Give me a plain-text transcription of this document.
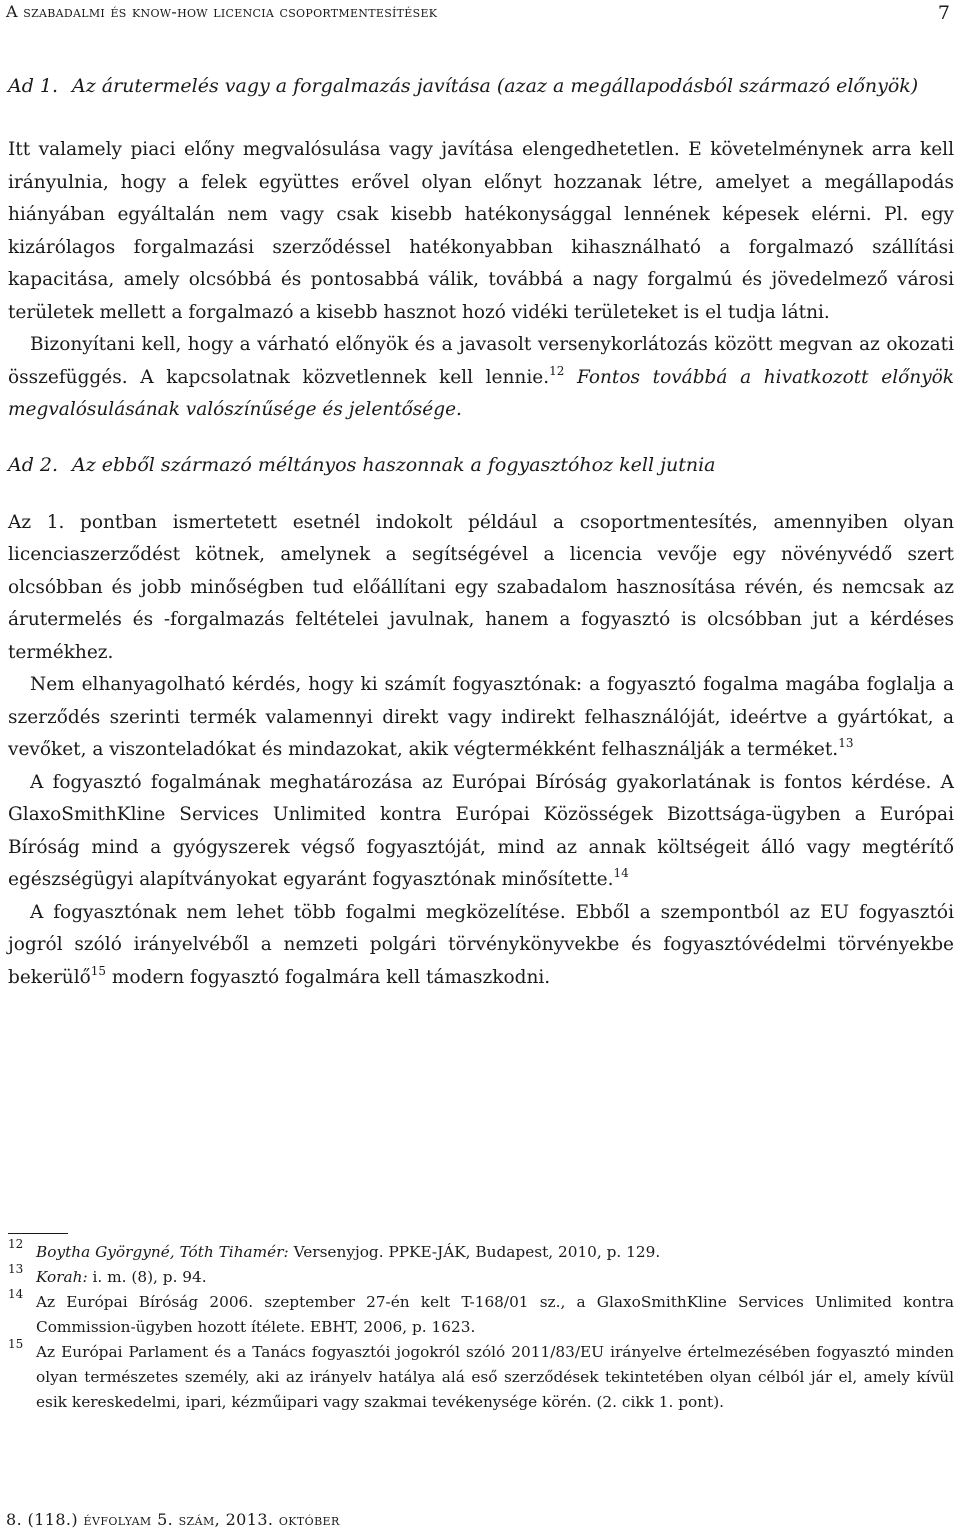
A szabadalmi és know-how licencia csoportmentesítések	7

Ad 1. Az árutermelés vagy a forgalmazás javítása (azaz a megállapodásból származó előnyök)

Itt valamely piaci előny megvalósulása vagy javítása elengedhetetlen. E követelménynek arra kell irányulnia, hogy a felek együttes erővel olyan előnyt hozzanak létre, amelyet a megállapodás hiányában egyáltalán nem vagy csak kisebb hatékonysággal lennének képesek elérni. Pl. egy kizárólagos forgalmazási szerződéssel hatékonyabban kihasználható a forgalmazó szállítási kapacitása, amely olcsóbbá és pontosabbá válik, továbbá a nagy forgalmú és jövedelmező városi területek mellett a forgalmazó a kisebb hasznot hozó vidéki területeket is el tudja látni.

Bizonyítani kell, hogy a várható előnyök és a javasolt versenykorlátozás között megvan az okozati összefüggés. A kapcsolatnak közvetlennek kell lennie.$^{12}$ Fontos továbbá a hivatkozott előnyök megvalósulásának valószínűsége és jelentősége.

Ad 2. Az ebből származó méltányos haszonnak a fogyasztóhoz kell jutnia

Az 1. pontban ismertetett esetnél indokolt például a csoportmentesítés, amennyiben olyan licenciaszerződést kötnek, amelynek a segítségével a licencia vevője egy növényvédő szert olcsóbban és jobb minőségben tud előállítani egy szabadalom hasznosítása révén, és nemcsak az árutermelés és -forgalmazás feltételei javulnak, hanem a fogyasztó is olcsóbban jut a kérdéses termékhez.

Nem elhanyagolható kérdés, hogy ki számít fogyasztónak: a fogyasztó fogalma magába foglalja a szerződés szerinti termék valamennyi direkt vagy indirekt felhasználóját, ideértve a gyártókat, a vevőket, a viszonteladókat és mindazokat, akik végtermékként felhasználják a terméket.$^{13}$

A fogyasztó fogalmának meghatározása az Európai Bíróság gyakorlatának is fontos kérdése. A GlaxoSmithKline Services Unlimited kontra Európai Közösségek Bizottsága-ügyben a Európai Bíróság mind a gyógyszerek végső fogyasztóját, mind az annak költségeit álló vagy megtérítő egészségügyi alapítványokat egyaránt fogyasztónak minősítette.$^{14}$

A fogyasztónak nem lehet több fogalmi megközelítése. Ebből a szempontból az EU fogyasztói jogról szóló irányelvéből a nemzeti polgári törvénykönyvekbe és fogyasztóvédelmi törvényekbe bekerülő$^{15}$ modern fogyasztó fogalmára kell támaszkodni.

12 Boytha Györgyné, Tóth Tihamér: Versenyjog. PPKE-JÁK, Budapest, 2010, p. 129.
13 Korah: i. m. (8), p. 94.
14 Az Európai Bíróság 2006. szeptember 27-én kelt T-168/01 sz., a GlaxoSmithKline Services Unlimited kontra Commission-ügyben hozott ítélete. EBHT, 2006, p. 1623.
15 Az Európai Parlament és a Tanács fogyasztói jogokról szóló 2011/83/EU irányelve értelmezésében fogyasztó minden olyan természetes személy, aki az irányelv hatálya alá eső szerződések tekintetében olyan célból jár el, amely kívül esik kereskedelmi, ipari, kézműipari vagy szakmai tevékenysége körén. (2. cikk 1. pont).
8. (118.) évfolyam 5. szám, 2013. október
